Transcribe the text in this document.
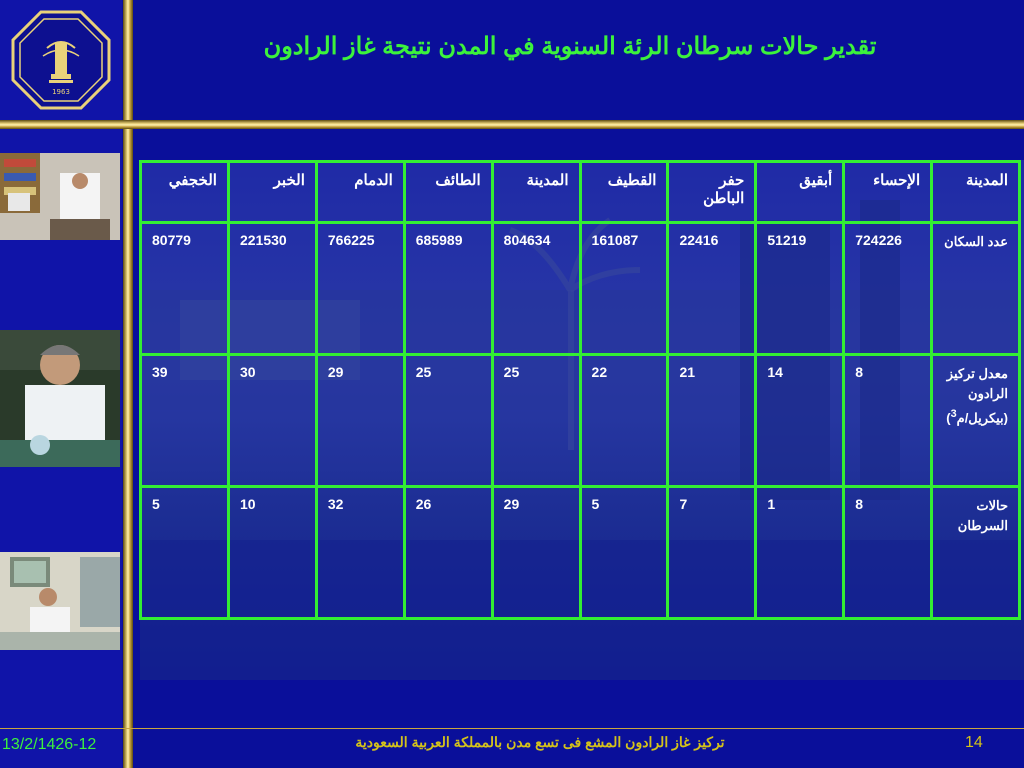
1963
تقدير حالات سرطان الرئة السنوية في المدن نتيجة غاز الرادون
المدينة	الإحساء	أبقيق	حفر الباطن	القطيف	المدينة	الطائف	الدمام	الخبر	الخجفي
عدد السكان	724226	51219	22416	161087	804634	685989	766225	221530	80779

معدل تركيز
الرادون
(بيكريل/م$^3$)	8	14	21	22	25	25	29	30	39

حالات
السرطان	8	1	7	5	29	26	32	10	5
13/2/1426-12	تركيز غاز الرادون المشع فى تسع مدن بالمملكة العربية السعودية	14
